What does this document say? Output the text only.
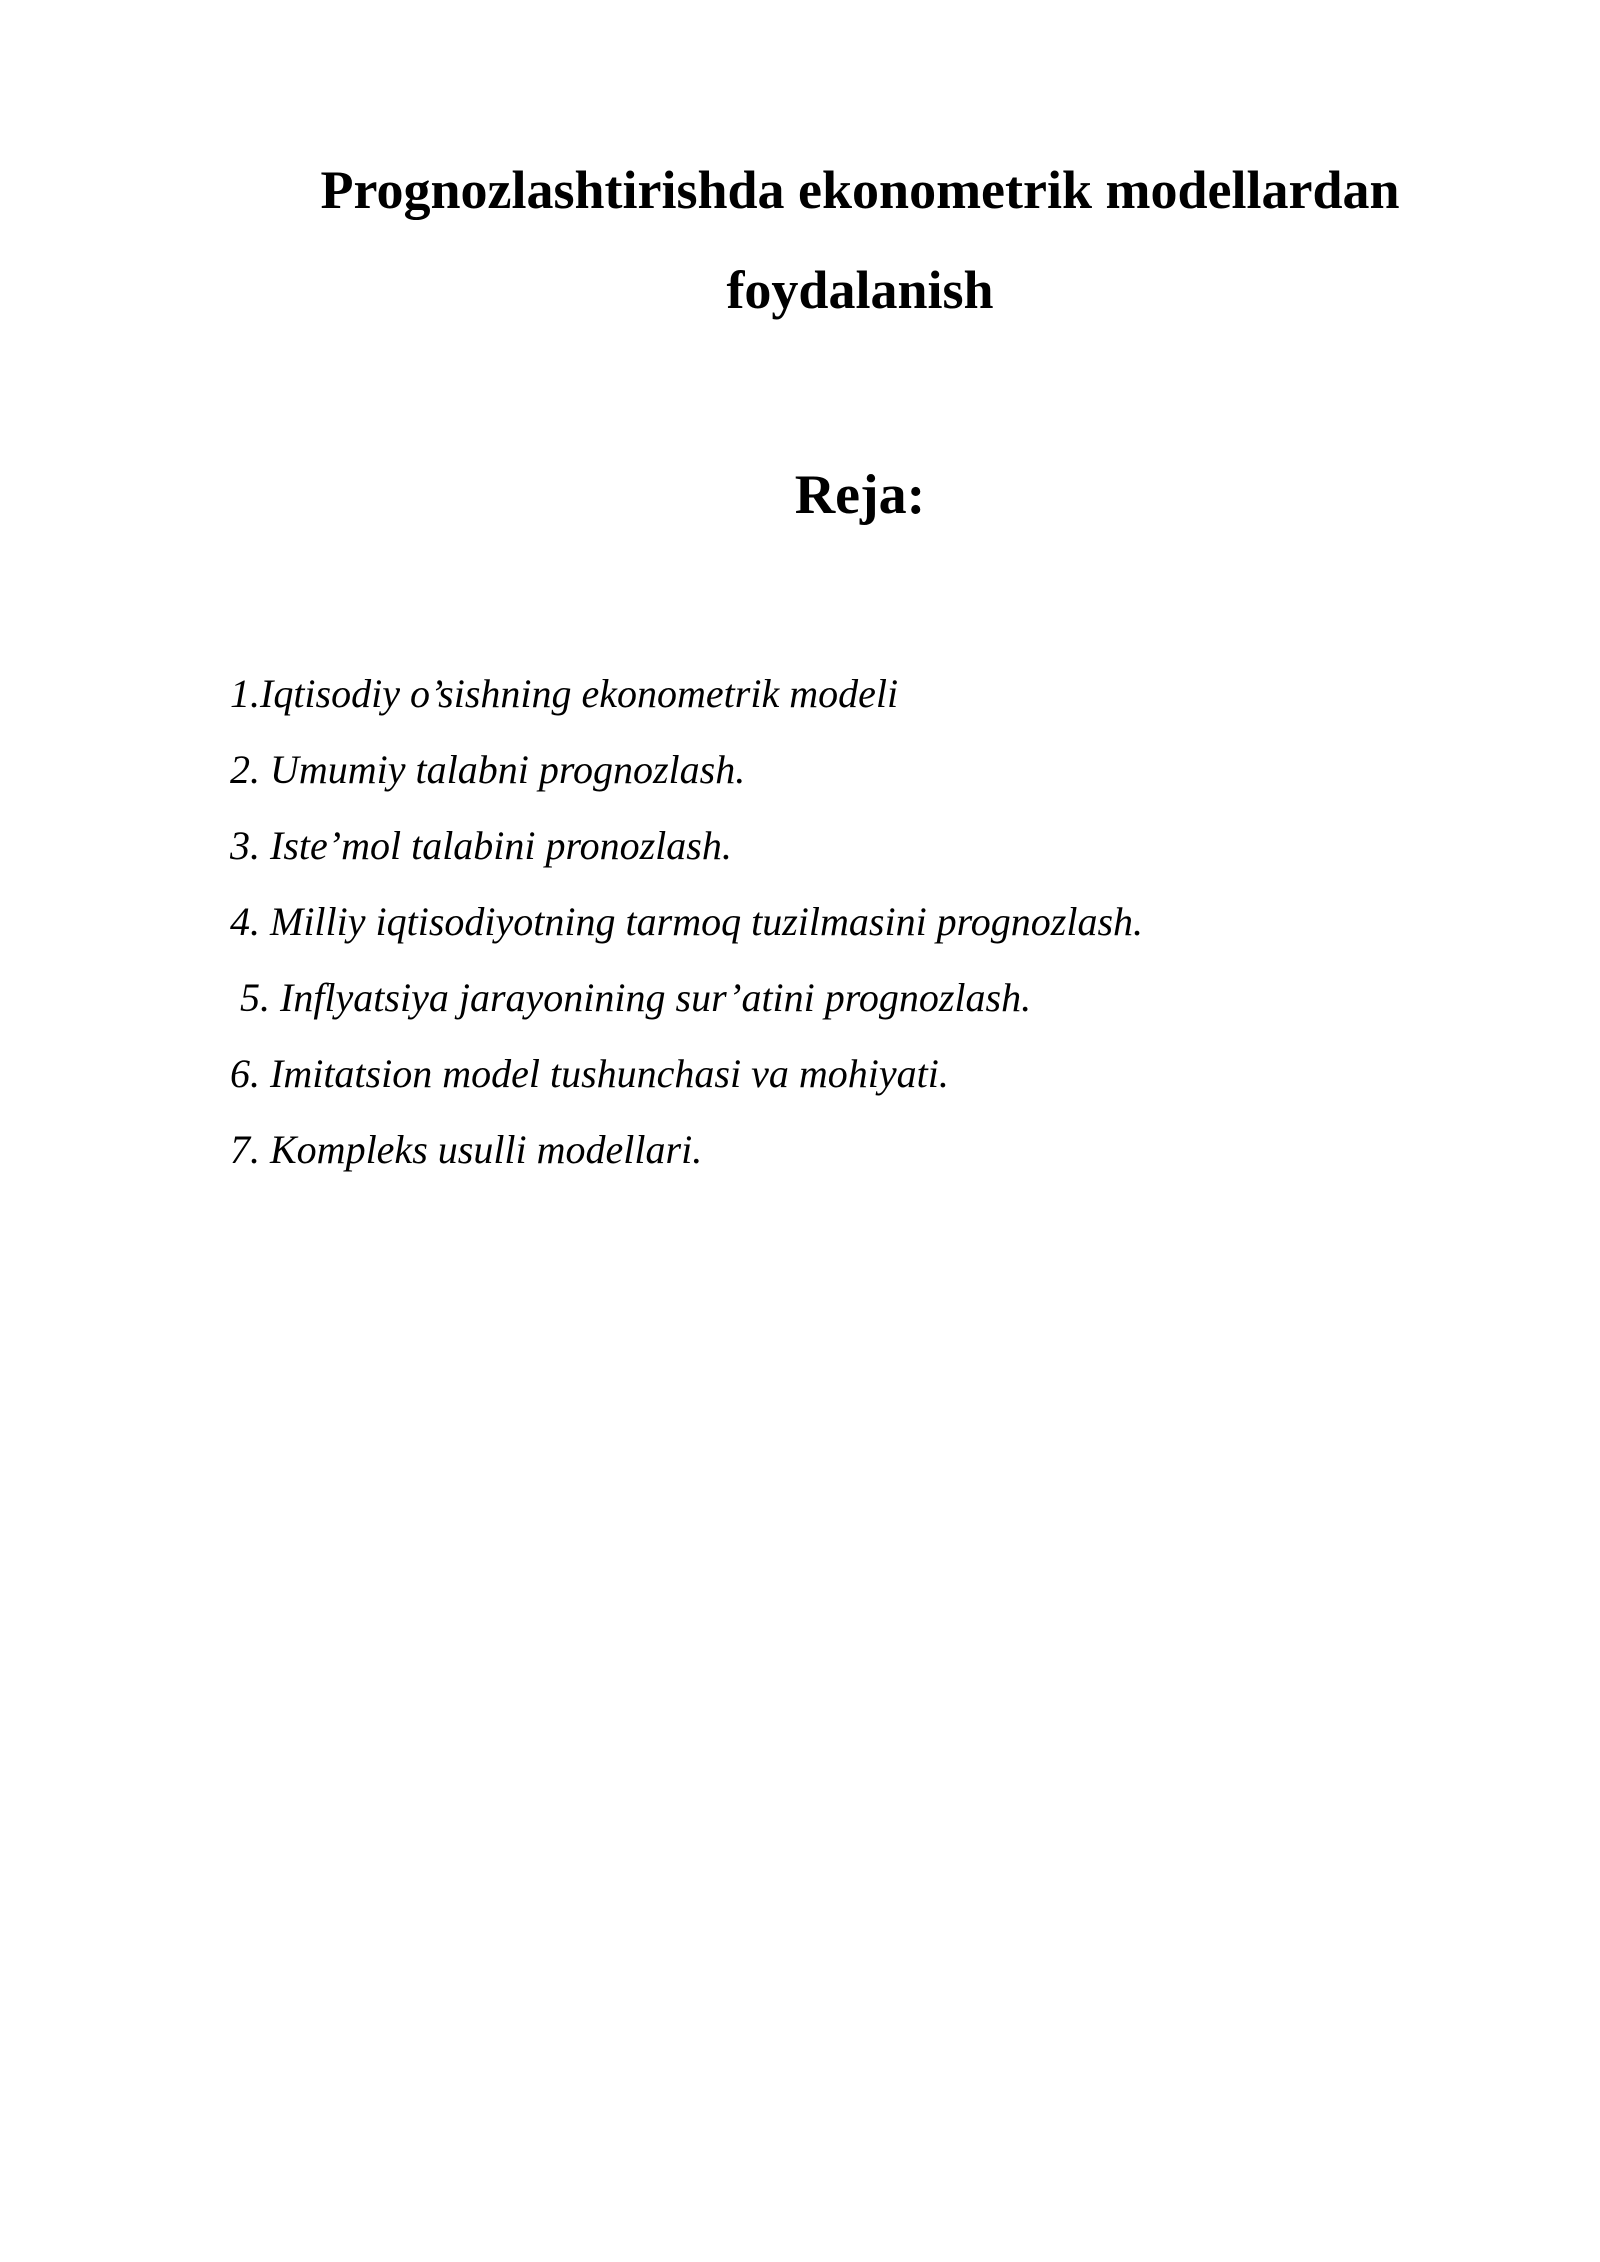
Prognozlashtirishda ekonometrik modellardan
foydalanish
Reja:
1.Iqtisodiy o’sishning ekonometrik modeli
2. Umumiy talabni prognozlash.
3. Iste’mol talabini pronozlash.
4. Milliy iqtisodiyotning tarmoq tuzilmasini prognozlash.
5. Inflyatsiya jarayonining sur’atini prognozlash.
6. Imitatsion model tushunchasi va mohiyati.
7. Kompleks usulli modellari.
